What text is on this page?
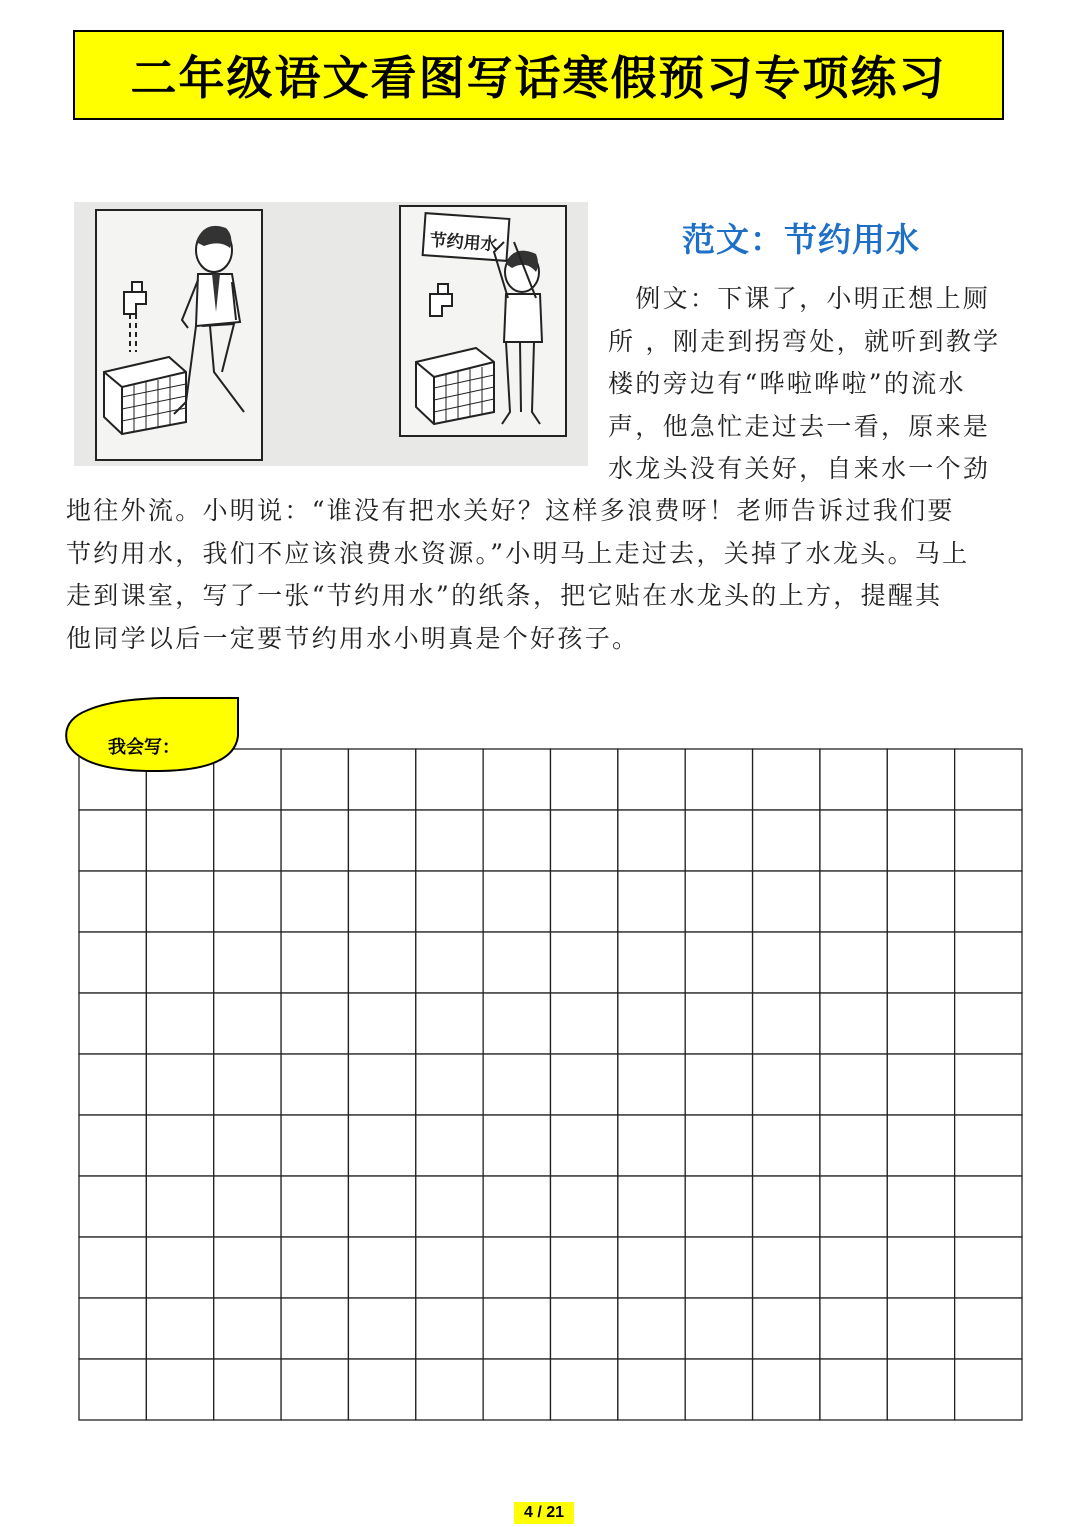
二年级语文看图写话寒假预习专项练习
节约用水	范文：节约用水
　例文：下课了，小明正想上厕
所 ，刚走到拐弯处，就听到教学
楼的旁边有“哗啦哗啦”的流水
声，他急忙走过去一看，原来是
水龙头没有关好，自来水一个劲
地往外流。小明说：“谁没有把水关好？这样多浪费呀！老师告诉过我们要
节约用水，我们不应该浪费水资源。”小明马上走过去，关掉了水龙头。马上
走到课室，写了一张“节约用水”的纸条，把它贴在水龙头的上方，提醒其
他同学以后一定要节约用水小明真是个好孩子。
我会写：
4 / 21
